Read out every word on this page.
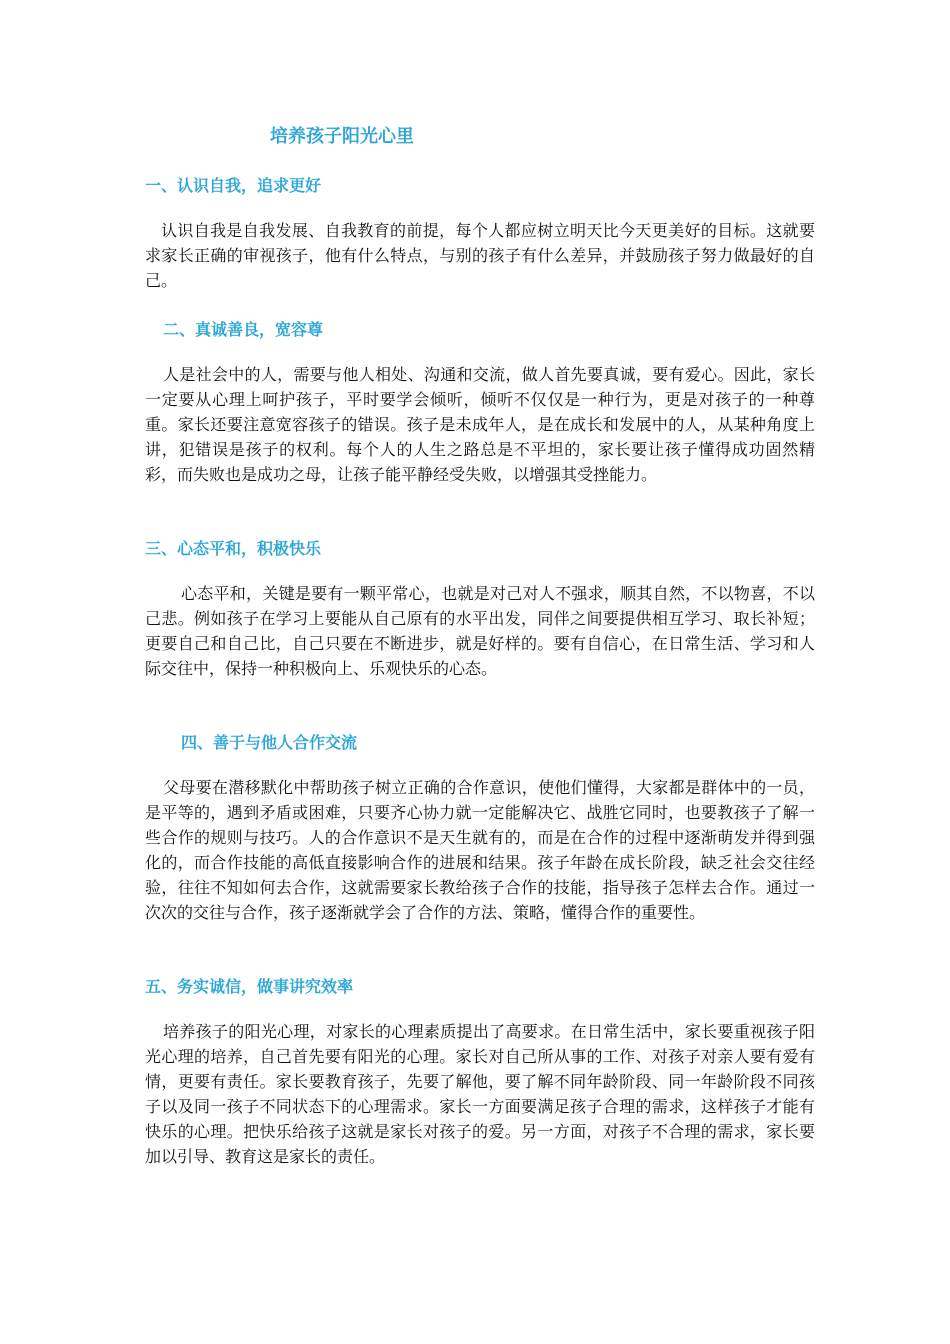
培养孩子阳光心里
一、认识自我，追求更好

认识自我是自我发展、自我教育的前提，每个人都应树立明天比今天更美好的目标。这就要求家长正确的审视孩子，他有什么特点，与别的孩子有什么差异，并鼓励孩子努力做最好的自己。

二、真诚善良，宽容尊

人是社会中的人，需要与他人相处、沟通和交流，做人首先要真诚，要有爱心。因此，家长一定要从心理上呵护孩子，平时要学会倾听，倾听不仅仅是一种行为，更是对孩子的一种尊重。家长还要注意宽容孩子的错误。孩子是未成年人，是在成长和发展中的人，从某种角度上讲，犯错误是孩子的权利。每个人的人生之路总是不平坦的，家长要让孩子懂得成功固然精彩，而失败也是成功之母，让孩子能平静经受失败，以增强其受挫能力。

三、心态平和，积极快乐

心态平和，关键是要有一颗平常心，也就是对己对人不强求，顺其自然，不以物喜，不以己悲。例如孩子在学习上要能从自己原有的水平出发，同伴之间要提供相互学习、取长补短；更要自己和自己比，自己只要在不断进步，就是好样的。要有自信心，在日常生活、学习和人际交往中，保持一种积极向上、乐观快乐的心态。

四、善于与他人合作交流

父母要在潜移默化中帮助孩子树立正确的合作意识，使他们懂得，大家都是群体中的一员，是平等的，遇到矛盾或困难，只要齐心协力就一定能解决它、战胜它同时，也要教孩子了解一些合作的规则与技巧。人的合作意识不是天生就有的，而是在合作的过程中逐渐萌发并得到强化的，而合作技能的高低直接影响合作的进展和结果。孩子年龄在成长阶段，缺乏社会交往经验，往往不知如何去合作，这就需要家长教给孩子合作的技能，指导孩子怎样去合作。通过一次次的交往与合作，孩子逐渐就学会了合作的方法、策略，懂得合作的重要性。

五、务实诚信，做事讲究效率

培养孩子的阳光心理，对家长的心理素质提出了高要求。在日常生活中，家长要重视孩子阳光心理的培养，自己首先要有阳光的心理。家长对自己所从事的工作、对孩子对亲人要有爱有情，更要有责任。家长要教育孩子，先要了解他，要了解不同年龄阶段、同一年龄阶段不同孩子以及同一孩子不同状态下的心理需求。家长一方面要满足孩子合理的需求，这样孩子才能有快乐的心理。把快乐给孩子这就是家长对孩子的爱。另一方面，对孩子不合理的需求，家长要加以引导、教育这是家长的责任。
